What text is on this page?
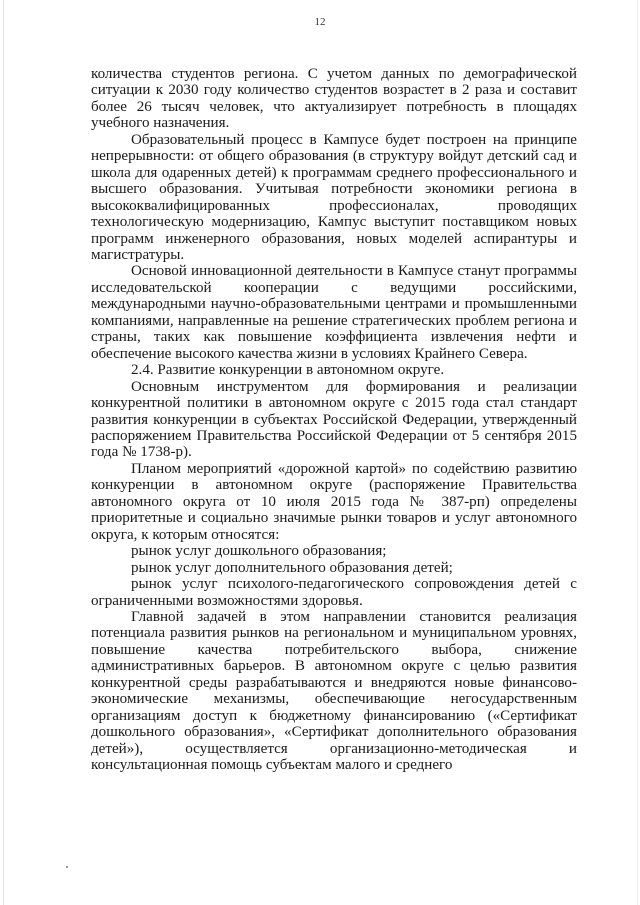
12

количества студентов региона. С учетом данных по демографической ситуации к 2030 году количество студентов возрастет в 2 раза и составит более 26 тысяч человек, что актуализирует потребность в площадях учебного назначения.

Образовательный процесс в Кампусе будет построен на принципе непрерывности: от общего образования (в структуру войдут детский сад и школа для одаренных детей) к программам среднего профессионального и высшего образования. Учитывая потребности экономики региона в высококвалифицированных профессионалах, проводящих технологическую модернизацию, Кампус выступит поставщиком новых программ инженерного образования, новых моделей аспирантуры и магистратуры.

Основой инновационной деятельности в Кампусе станут программы исследовательской кооперации с ведущими российскими, международными научно-образовательными центрами и промышленными компаниями, направленные на решение стратегических проблем региона и страны, таких как повышение коэффициента извлечения нефти и обеспечение высокого качества жизни в условиях Крайнего Севера.

2.4. Развитие конкуренции в автономном округе.

Основным инструментом для формирования и реализации конкурентной политики в автономном округе с 2015 года стал стандарт развития конкуренции в субъектах Российской Федерации, утвержденный распоряжением Правительства Российской Федерации от 5 сентября 2015 года № 1738-р).

Планом мероприятий «дорожной картой» по содействию развитию конкуренции в автономном округе (распоряжение Правительства автономного округа от 10 июля 2015 года № 387-рп) определены приоритетные и социально значимые рынки товаров и услуг автономного округа, к которым относятся:

рынок услуг дошкольного образования;

рынок услуг дополнительного образования детей;

рынок услуг психолого-педагогического сопровождения детей с ограниченными возможностями здоровья.

Главной задачей в этом направлении становится реализация потенциала развития рынков на региональном и муниципальном уровнях, повышение качества потребительского выбора, снижение административных барьеров. В автономном округе с целью развития конкурентной среды разрабатываются и внедряются новые финансово-экономические механизмы, обеспечивающие негосударственным организациям доступ к бюджетному финансированию («Сертификат дошкольного образования», «Сертификат дополнительного образования детей»), осуществляется организационно-методическая и консультационная помощь субъектам малого и среднего
